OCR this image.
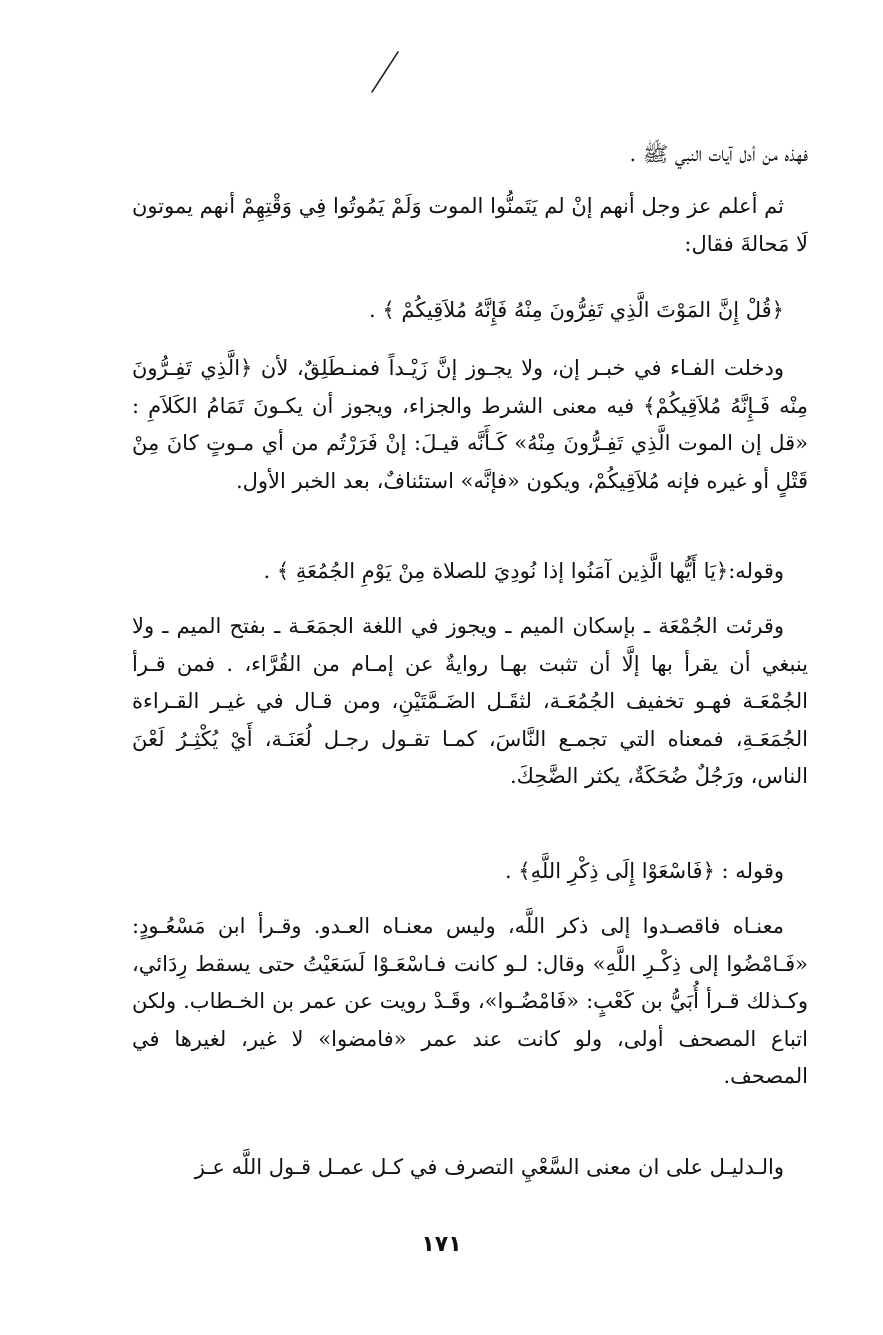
فهذه من أدل آيات النبي ﷺ .

ثم أعلم عز وجل أنهم إنْ لم يَتَمنُّوا الموت وَلَمْ يَمُوتُوا فِي وَقْتِهِمْ أنهم يموتون لَا مَحالةَ فقال:

﴿قُلْ إِنَّ المَوْتَ الَّذِي تَفِرُّونَ مِنْهُ فَإِنَّهُ مُلاَقِيكُمْ ﴾ .

ودخلت الفـاء في خبـر إن، ولا يجـوز إنَّ زَيْـداً فمنـطَلِقٌ، لأن ﴿الَّذِي تَفِـرُّونَ مِنْه فَـإِنَّهُ مُلاَقِيكُمْ﴾ فيه معنى الشرط والجزاء، ويجوز أن يكـونَ تَمَامُ الكَلاَمِ : «قل إن الموت الَّذِي تَفِـرُّونَ مِنْهُ» كَـأَنَّه قيـلَ: إنْ فَرَرْتُم من أي مـوتٍ كانَ مِنْ قَتْلٍ أو غيره فإنه مُلاَقِيكُمْ، ويكون «فإنَّه» استئنافٌ، بعد الخبر الأول.

وقوله:﴿يَا أَيُّها الَّذِين آمَنُوا إذا نُودِيَ للصلاة مِنْ يَوْمِ الجُمُعَةِ ﴾ .

وقرئت الجُمْعَة ـ بإسكان الميم ـ ويجوز في اللغة الجمَعَـة ـ بفتح الميم ـ ولا ينبغي أن يقرأ بها إلَّا أن تثبت بهـا روايةٌ عن إمـام من القُرَّاء، . فمن قـرأ الجُمْعَـة فهـو تخفيف الجُمُعَـة، لثقَـل الضَـمَّتَيْنِ، ومن قـال في غيـر القـراءة الجُمَعَـةِ، فمعناه التي تجمـع النَّاسَ، كمـا تقـول رجـل لُعَنَـة، أَيْ يُكْثِـرُ لَعْنَ الناس، ورَجُلٌ ضُحَكَةٌ، يكثر الضَّحِكَ.

وقوله : ﴿فَاسْعَوْا إِلَى ذِكْرِ اللَّهِ﴾ .

معنـاه فاقصـدوا إلى ذكر اللَّه، وليس معنـاه العـدو. وقـرأ ابن مَسْعُـودٍ: «فَـامْضُوا إلى ذِكْـرِ اللَّهِ» وقال: لـو كانت فـاسْعَـوْا لَسَعَيْتُ حتى يسقط رِدَائي، وكـذلك قـرأ أُبَيُّ بن كَعْبٍ: «فَامْضُـوا»، وقَـدْ رويت عن عمر بن الخـطاب. ولكن اتباع المصحف أولى، ولو كانت عند عمر «فامضوا» لا غير، لغيرها في المصحف.

والـدليـل على ان معنى السَّعْيِ التصرف في كـل عمـل قـول اللَّه عـز

١٧١
